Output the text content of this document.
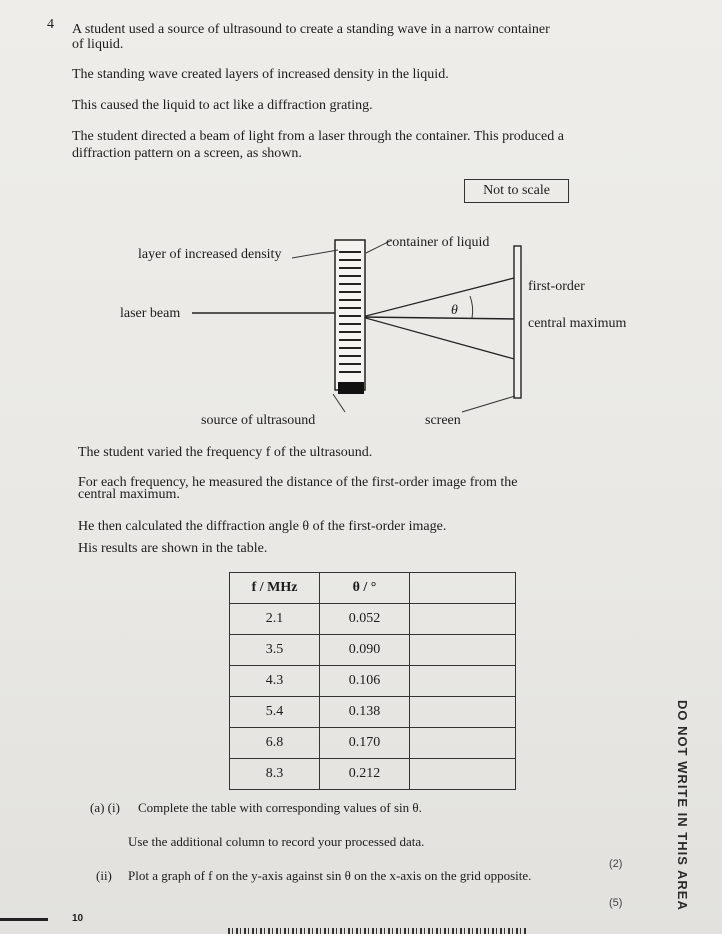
4 A student used a source of ultrasound to create a standing wave in a narrow container
of liquid.
The standing wave created layers of increased density in the liquid.
This caused the liquid to act like a diffraction grating.
The student directed a beam of light from a laser through the container. This produced a
diffraction pattern on a screen, as shown.
Not to scale
container of liquid
layer of increased density
first-order
laser beam	θ
central maximum
source of ultrasound	screen
The student varied the frequency f of the ultrasound.
For each frequency, he measured the distance of the first-order image from the
central maximum.
He then calculated the diffraction angle θ of the first-order image.
His results are shown in the table.
f / MHz	θ / °	
2.1	0.052	
3.5	0.090	
4.3	0.106	
5.4	0.138	
6.8	0.170	
8.3	0.212	
(a) (i) Complete the table with corresponding values of sin θ.
Use the additional column to record your processed data.
(2)
(ii) Plot a graph of f on the y-axis against sin θ on the x-axis on the grid opposite.
(5)
10
DO NOT WRITE IN THIS AREA
